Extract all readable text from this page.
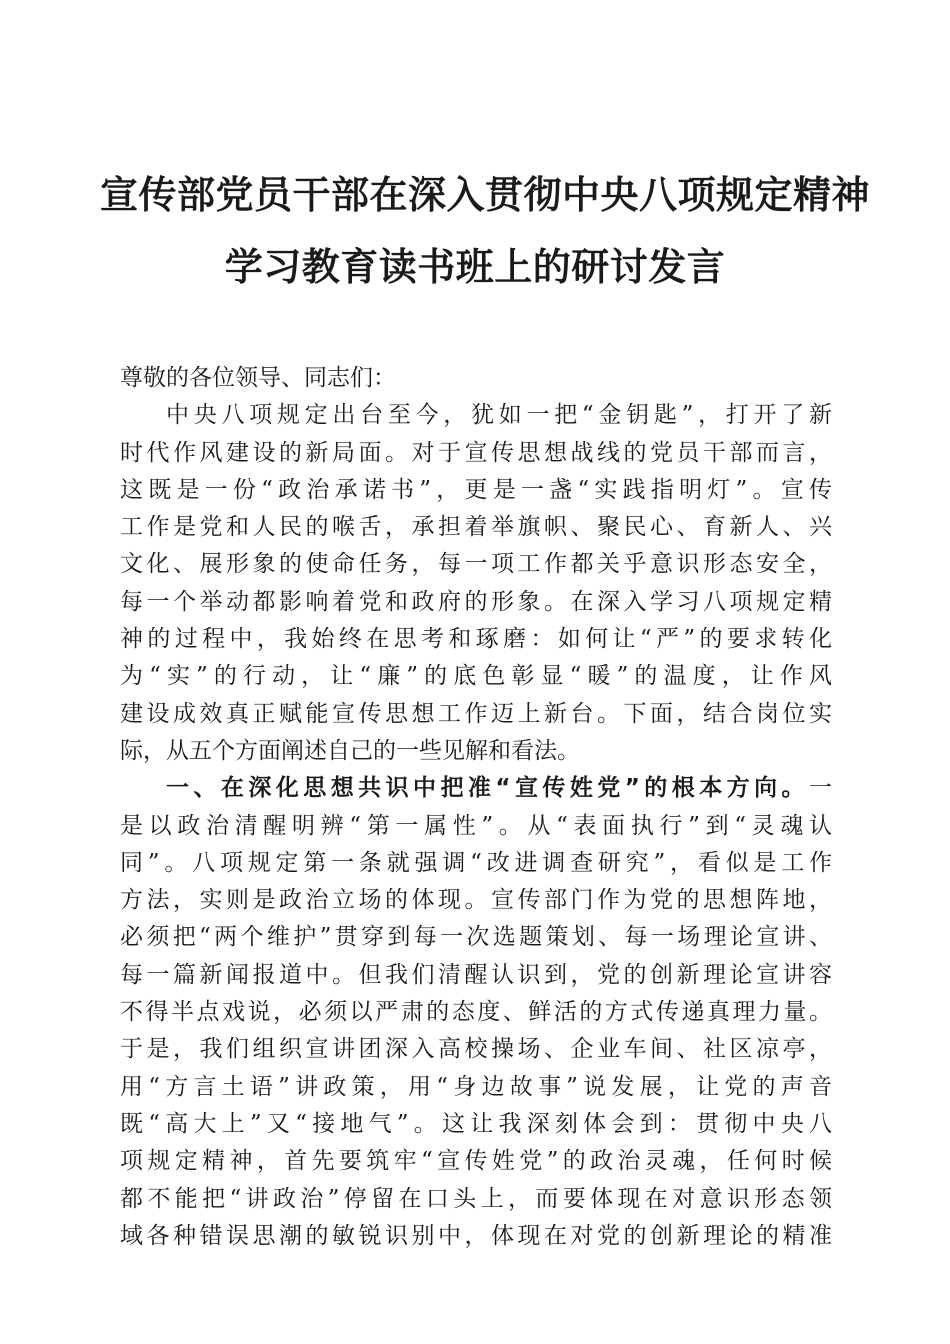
宣传部党员干部在深入贯彻中央八项规定精神
学习教育读书班上的研讨发言
尊敬的各位领导、同志们：
中央八项规定出台至今，犹如一把“金钥匙”，打开了新
时代作风建设的新局面。对于宣传思想战线的党员干部而言，
这既是一份“政治承诺书”，更是一盏“实践指明灯”。宣传
工作是党和人民的喉舌，承担着举旗帜、聚民心、育新人、兴
文化、展形象的使命任务，每一项工作都关乎意识形态安全，
每一个举动都影响着党和政府的形象。在深入学习八项规定精
神的过程中，我始终在思考和琢磨：如何让“严”的要求转化
为“实”的行动，让“廉”的底色彰显“暖”的温度，让作风
建设成效真正赋能宣传思想工作迈上新台。下面，结合岗位实
际，从五个方面阐述自己的一些见解和看法。
一、在深化思想共识中把准“宣传姓党”的根本方向。一
是以政治清醒明辨“第一属性”。从“表面执行”到“灵魂认
同”。八项规定第一条就强调“改进调查研究”，看似是工作
方法，实则是政治立场的体现。宣传部门作为党的思想阵地，
必须把“两个维护”贯穿到每一次选题策划、每一场理论宣讲、
每一篇新闻报道中。但我们清醒认识到，党的创新理论宣讲容
不得半点戏说，必须以严肃的态度、鲜活的方式传递真理力量。
于是，我们组织宣讲团深入高校操场、企业车间、社区凉亭，
用“方言土语”讲政策，用“身边故事”说发展，让党的声音
既“高大上”又“接地气”。这让我深刻体会到：贯彻中央八
项规定精神，首先要筑牢“宣传姓党”的政治灵魂，任何时候
都不能把“讲政治”停留在口头上，而要体现在对意识形态领
域各种错误思潮的敏锐识别中，体现在对党的创新理论的精准
